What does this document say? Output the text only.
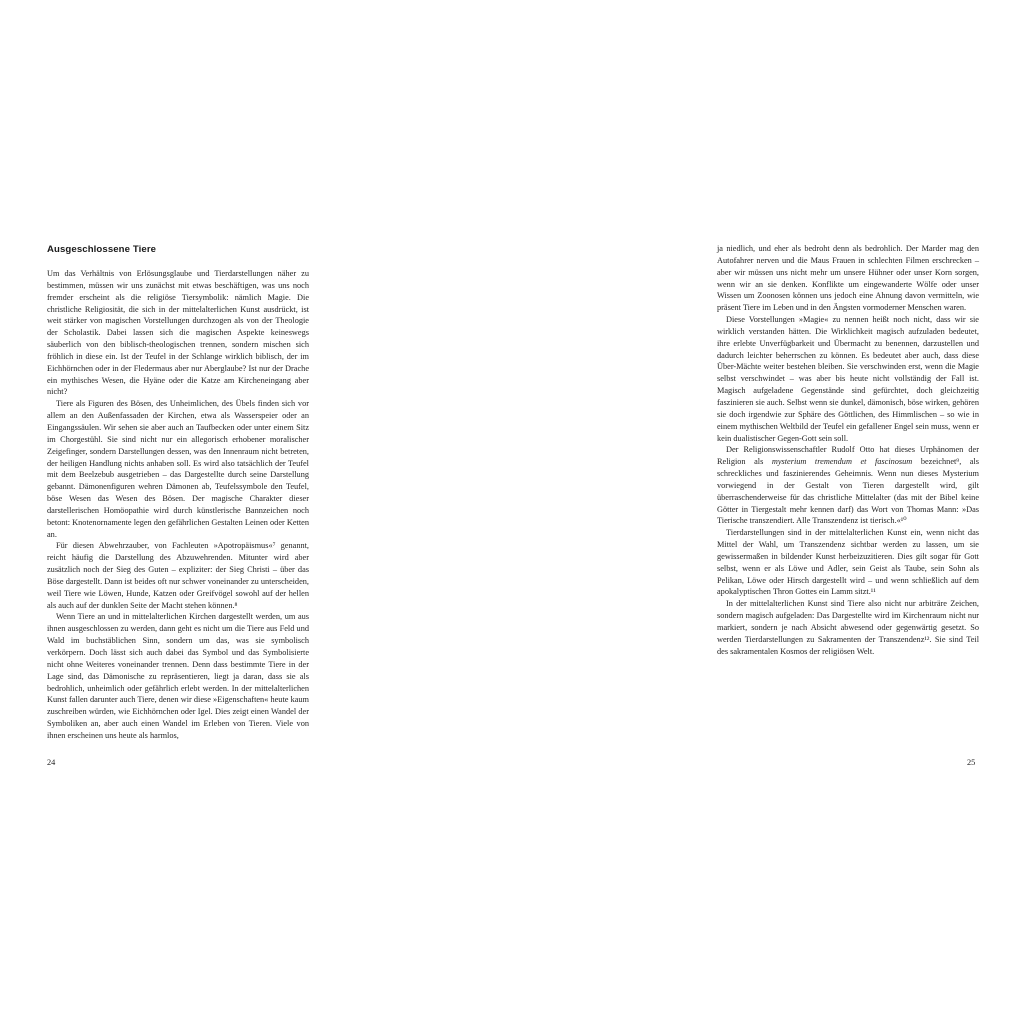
Ausgeschlossene Tiere

Um das Verhältnis von Erlösungsglaube und Tierdarstellungen näher zu bestimmen, müssen wir uns zunächst mit etwas beschäftigen, was uns noch fremder erscheint als die religiöse Tiersymbolik: nämlich Magie. Die christliche Religiosität, die sich in der mittelalterlichen Kunst ausdrückt, ist weit stärker von magischen Vorstellungen durchzogen als von der Theologie der Scholastik. Dabei lassen sich die magischen Aspekte keineswegs säuberlich von den biblisch-theologischen trennen, sondern mischen sich fröhlich in diese ein. Ist der Teufel in der Schlange wirklich biblisch, der im Eichhörnchen oder in der Fledermaus aber nur Aberglaube? Ist nur der Drache ein mythisches Wesen, die Hyäne oder die Katze am Kircheneingang aber nicht?

Tiere als Figuren des Bösen, des Unheimlichen, des Übels finden sich vor allem an den Außenfassaden der Kirchen, etwa als Wasserspeier oder an Eingangssäulen. Wir sehen sie aber auch an Taufbecken oder unter einem Sitz im Chorgestühl. Sie sind nicht nur ein allegorisch erhobener moralischer Zeigefinger, sondern Darstellungen dessen, was den Innenraum nicht betreten, der heiligen Handlung nichts anhaben soll. Es wird also tatsächlich der Teufel mit dem Beelzebub ausgetrieben – das Dargestellte durch seine Darstellung gebannt. Dämonenfiguren wehren Dämonen ab, Teufelssymbole den Teufel, böse Wesen das Wesen des Bösen. Der magische Charakter dieser darstellerischen Homöopathie wird durch künstlerische Bannzeichen noch betont: Knotenornamente legen den gefährlichen Gestalten Leinen oder Ketten an.

Für diesen Abwehrzauber, von Fachleuten »Apotropäismus«⁷ genannt, reicht häufig die Darstellung des Abzuwehrenden. Mitunter wird aber zusätzlich noch der Sieg des Guten – expliziter: der Sieg Christi – über das Böse dargestellt. Dann ist beides oft nur schwer voneinander zu unterscheiden, weil Tiere wie Löwen, Hunde, Katzen oder Greifvögel sowohl auf der hellen als auch auf der dunklen Seite der Macht stehen können.⁸

Wenn Tiere an und in mittelalterlichen Kirchen dargestellt werden, um aus ihnen ausgeschlossen zu werden, dann geht es nicht um die Tiere aus Feld und Wald im buchstäblichen Sinn, sondern um das, was sie symbolisch verkörpern. Doch lässt sich auch dabei das Symbol und das Symbolisierte nicht ohne Weiteres voneinander trennen. Denn dass bestimmte Tiere in der Lage sind, das Dämonische zu repräsentieren, liegt ja daran, dass sie als bedrohlich, unheimlich oder gefährlich erlebt werden. In der mittelalterlichen Kunst fallen darunter auch Tiere, denen wir diese »Eigenschaften« heute kaum zuschreiben würden, wie Eichhörnchen oder Igel. Dies zeigt einen Wandel der Symboliken an, aber auch einen Wandel im Erleben von Tieren. Viele von ihnen erscheinen uns heute als harmlos,

ja niedlich, und eher als bedroht denn als bedrohlich. Der Marder mag den Autofahrer nerven und die Maus Frauen in schlechten Filmen erschrecken – aber wir müssen uns nicht mehr um unsere Hühner oder unser Korn sorgen, wenn wir an sie denken. Konflikte um eingewanderte Wölfe oder unser Wissen um Zoonosen können uns jedoch eine Ahnung davon vermitteln, wie präsent Tiere im Leben und in den Ängsten vormoderner Menschen waren.

Diese Vorstellungen »Magie« zu nennen heißt noch nicht, dass wir sie wirklich verstanden hätten. Die Wirklichkeit magisch aufzuladen bedeutet, ihre erlebte Unverfügbarkeit und Übermacht zu benennen, darzustellen und dadurch leichter beherrschen zu können. Es bedeutet aber auch, dass diese Über-Mächte weiter bestehen bleiben. Sie verschwinden erst, wenn die Magie selbst verschwindet – was aber bis heute nicht vollständig der Fall ist. Magisch aufgeladene Gegenstände sind gefürchtet, doch gleichzeitig faszinieren sie auch. Selbst wenn sie dunkel, dämonisch, böse wirken, gehören sie doch irgendwie zur Sphäre des Göttlichen, des Himmlischen – so wie in einem mythischen Weltbild der Teufel ein gefallener Engel sein muss, wenn er kein dualistischer Gegen-Gott sein soll.

Der Religionswissenschaftler Rudolf Otto hat dieses Urphänomen der Religion als mysterium tremendum et fascinosum bezeichnet⁹, als schreckliches und faszinierendes Geheimnis. Wenn nun dieses Mysterium vorwiegend in der Gestalt von Tieren dargestellt wird, gilt überraschenderweise für das christliche Mittelalter (das mit der Bibel keine Götter in Tiergestalt mehr kennen darf) das Wort von Thomas Mann: »Das Tierische transzendiert. Alle Transzendenz ist tierisch.«¹⁰

Tierdarstellungen sind in der mittelalterlichen Kunst ein, wenn nicht das Mittel der Wahl, um Transzendenz sichtbar werden zu lassen, um sie gewissermaßen in bildender Kunst herbeizuzitieren. Dies gilt sogar für Gott selbst, wenn er als Löwe und Adler, sein Geist als Taube, sein Sohn als Pelikan, Löwe oder Hirsch dargestellt wird – und wenn schließlich auf dem apokalyptischen Thron Gottes ein Lamm sitzt.¹¹

In der mittelalterlichen Kunst sind Tiere also nicht nur arbiträre Zeichen, sondern magisch aufgeladen: Das Dargestellte wird im Kirchenraum nicht nur markiert, sondern je nach Absicht abwesend oder gegenwärtig gesetzt. So werden Tierdarstellungen zu Sakramenten der Transzendenz¹². Sie sind Teil des sakramentalen Kosmos der religiösen Welt.

24	25
